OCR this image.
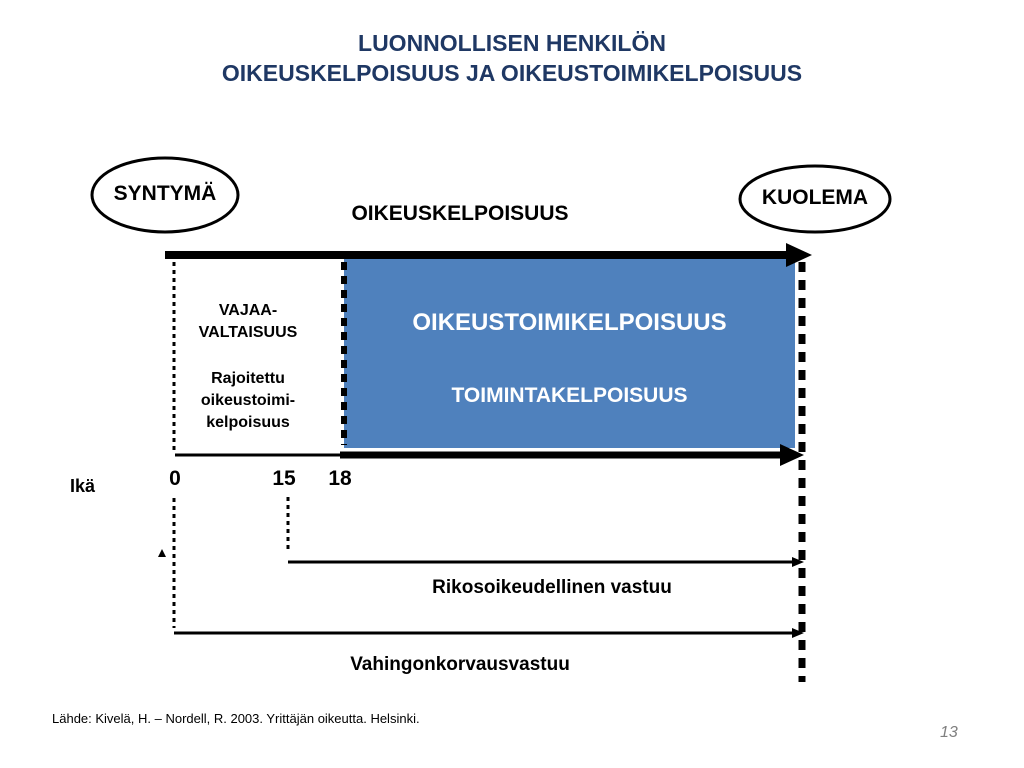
LUONNOLLISEN HENKILÖN
OIKEUSKELPOISUUS JA OIKEUSTOIMIKELPOISUUS
SYNTYMÄ	KUOLEMA
OIKEUSKELPOISUUS
VAJAA-
VALTAISUUS
Rajoitettu
oikeustoimi-
kelpoisuus
OIKEUSTOIMIKELPOISUUS
TOIMINTAKELPOISUUS
Ikä	0	15	18
Rikosoikeudellinen vastuu
Vahingonkorvausvastuu
Lähde: Kivelä, H. – Nordell, R. 2003. Yrittäjän oikeutta. Helsinki.
13
